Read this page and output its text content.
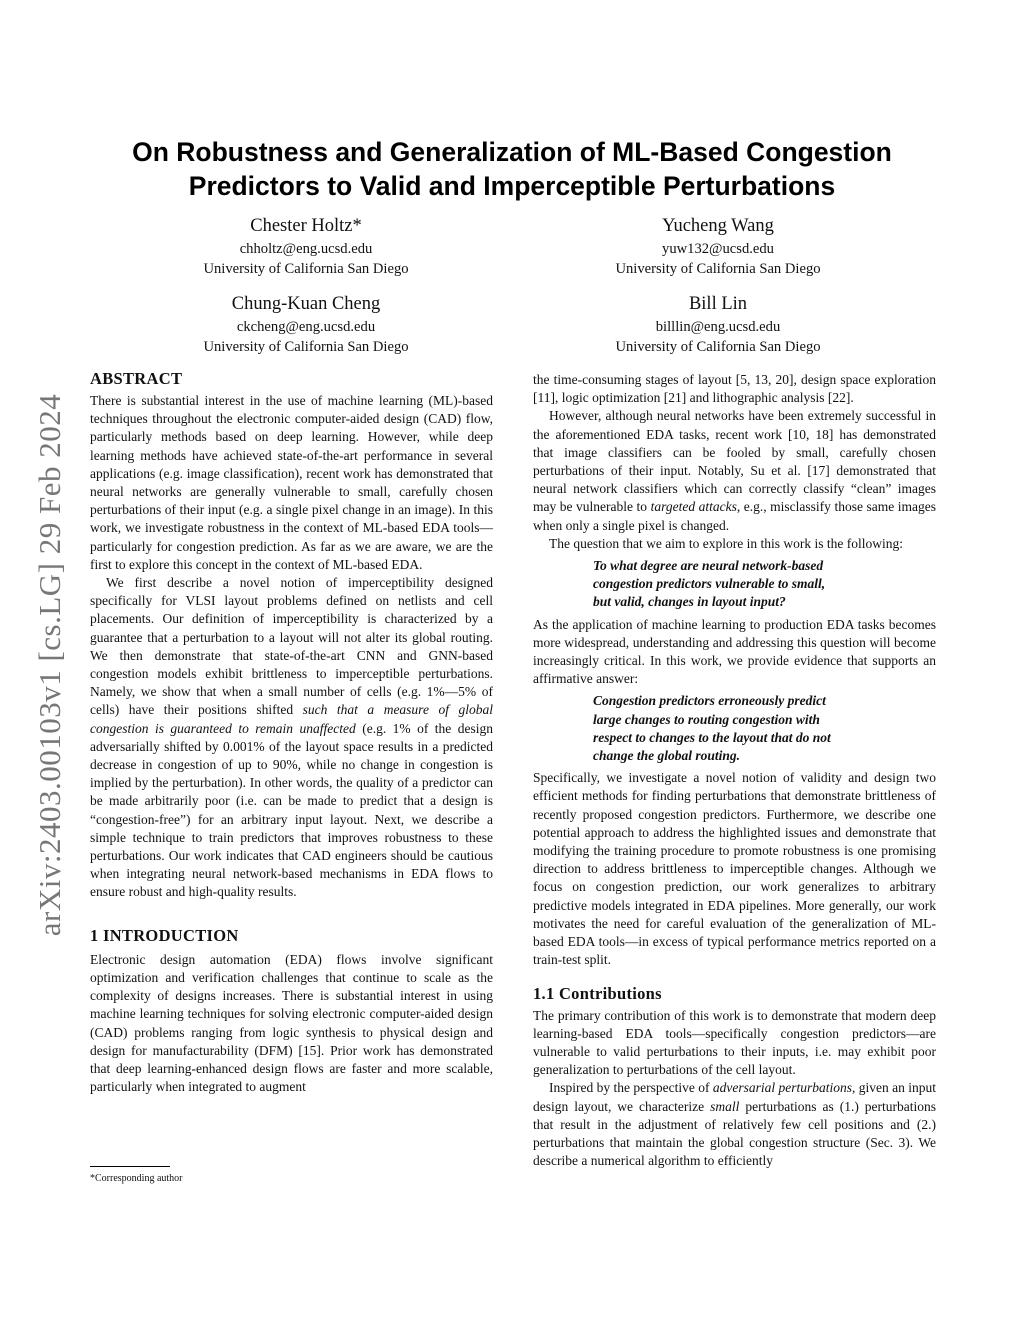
arXiv:2403.00103v1 [cs.LG] 29 Feb 2024
On Robustness and Generalization of ML-Based Congestion
Predictors to Valid and Imperceptible Perturbations
Chester Holtz*
chholtz@eng.ucsd.edu
University of California San Diego
Yucheng Wang
yuw132@ucsd.edu
University of California San Diego
Chung-Kuan Cheng
ckcheng@eng.ucsd.edu
University of California San Diego
Bill Lin
billlin@eng.ucsd.edu
University of California San Diego
ABSTRACT

There is substantial interest in the use of machine learning (ML)-based techniques throughout the electronic computer-aided design (CAD) flow, particularly methods based on deep learning. However, while deep learning methods have achieved state-of-the-art performance in several applications (e.g. image classification), recent work has demonstrated that neural networks are generally vulnerable to small, carefully chosen perturbations of their input (e.g. a single pixel change in an image). In this work, we investigate robustness in the context of ML-based EDA tools—particularly for congestion prediction. As far as we are aware, we are the first to explore this concept in the context of ML-based EDA.

We first describe a novel notion of imperceptibility designed specifically for VLSI layout problems defined on netlists and cell placements. Our definition of imperceptibility is characterized by a guarantee that a perturbation to a layout will not alter its global routing. We then demonstrate that state-of-the-art CNN and GNN-based congestion models exhibit brittleness to imperceptible perturbations. Namely, we show that when a small number of cells (e.g. 1%—5% of cells) have their positions shifted such that a measure of global congestion is guaranteed to remain unaffected (e.g. 1% of the design adversarially shifted by 0.001% of the layout space results in a predicted decrease in congestion of up to 90%, while no change in congestion is implied by the perturbation). In other words, the quality of a predictor can be made arbitrarily poor (i.e. can be made to predict that a design is “congestion-free”) for an arbitrary input layout. Next, we describe a simple technique to train predictors that improves robustness to these perturbations. Our work indicates that CAD engineers should be cautious when integrating neural network-based mechanisms in EDA flows to ensure robust and high-quality results.

1 INTRODUCTION

Electronic design automation (EDA) flows involve significant optimization and verification challenges that continue to scale as the complexity of designs increases. There is substantial interest in using machine learning techniques for solving electronic computer-aided design (CAD) problems ranging from logic synthesis to physical design and design for manufacturability (DFM) [15]. Prior work has demonstrated that deep learning-enhanced design flows are faster and more scalable, particularly when integrated to augment

*Corresponding author

the time-consuming stages of layout [5, 13, 20], design space exploration [11], logic optimization [21] and lithographic analysis [22].

However, although neural networks have been extremely successful in the aforementioned EDA tasks, recent work [10, 18] has demonstrated that image classifiers can be fooled by small, carefully chosen perturbations of their input. Notably, Su et al. [17] demonstrated that neural network classifiers which can correctly classify “clean” images may be vulnerable to targeted attacks, e.g., misclassify those same images when only a single pixel is changed.

The question that we aim to explore in this work is the following:

To what degree are neural network-based
congestion predictors vulnerable to small,
but valid, changes in layout input?

As the application of machine learning to production EDA tasks becomes more widespread, understanding and addressing this question will become increasingly critical. In this work, we provide evidence that supports an affirmative answer:

Congestion predictors erroneously predict
large changes to routing congestion with
respect to changes to the layout that do not
change the global routing.

Specifically, we investigate a novel notion of validity and design two efficient methods for finding perturbations that demonstrate brittleness of recently proposed congestion predictors. Furthermore, we describe one potential approach to address the highlighted issues and demonstrate that modifying the training procedure to promote robustness is one promising direction to address brittleness to imperceptible changes. Although we focus on congestion prediction, our work generalizes to arbitrary predictive models integrated in EDA pipelines. More generally, our work motivates the need for careful evaluation of the generalization of ML-based EDA tools—in excess of typical performance metrics reported on a train-test split.

1.1 Contributions

The primary contribution of this work is to demonstrate that modern deep learning-based EDA tools—specifically congestion predictors—are vulnerable to valid perturbations to their inputs, i.e. may exhibit poor generalization to perturbations of the cell layout.

Inspired by the perspective of adversarial perturbations, given an input design layout, we characterize small perturbations as (1.) perturbations that result in the adjustment of relatively few cell positions and (2.) perturbations that maintain the global congestion structure (Sec. 3). We describe a numerical algorithm to efficiently
